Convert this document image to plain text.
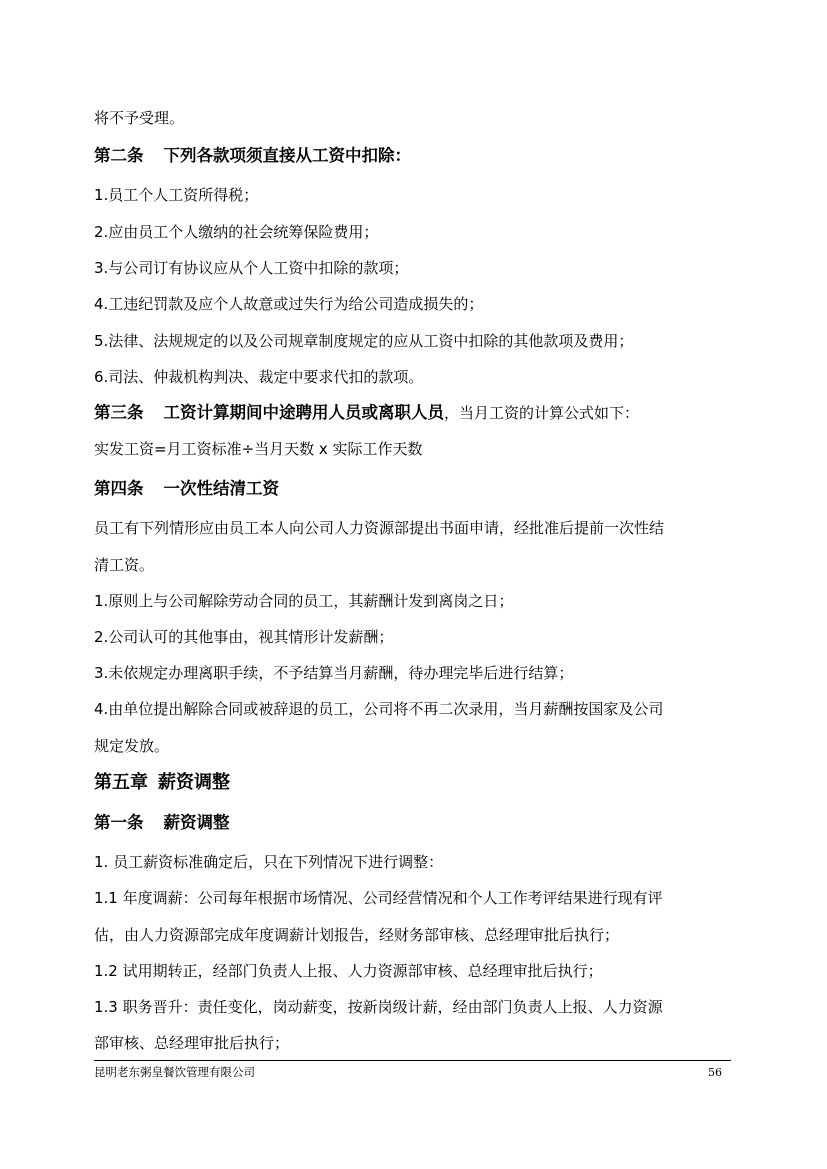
将不予受理。
第二条 下列各款项须直接从工资中扣除：
1.员工个人工资所得税；
2.应由员工个人缴纳的社会统筹保险费用；
3.与公司订有协议应从个人工资中扣除的款项；
4.工违纪罚款及应个人故意或过失行为给公司造成损失的；
5.法律、法规规定的以及公司规章制度规定的应从工资中扣除的其他款项及费用；
6.司法、仲裁机构判决、裁定中要求代扣的款项。
第三条 工资计算期间中途聘用人员或离职人员，当月工资的计算公式如下：
实发工资=月工资标准÷当月天数 x 实际工作天数
第四条 一次性结清工资
员工有下列情形应由员工本人向公司人力资源部提出书面申请，经批准后提前一次性结
清工资。
1.原则上与公司解除劳动合同的员工，其薪酬计发到离岗之日；
2.公司认可的其他事由，视其情形计发薪酬；
3.未依规定办理离职手续，不予结算当月薪酬，待办理完毕后进行结算；
4.由单位提出解除合同或被辞退的员工，公司将不再二次录用，当月薪酬按国家及公司
规定发放。
第五章 薪资调整
第一条 薪资调整
1. 员工薪资标准确定后，只在下列情况下进行调整：
1.1 年度调薪：公司每年根据市场情况、公司经营情况和个人工作考评结果进行现有评
估，由人力资源部完成年度调薪计划报告，经财务部审核、总经理审批后执行；
1.2 试用期转正，经部门负责人上报、人力资源部审核、总经理审批后执行；
1.3 职务晋升：责任变化，岗动薪变，按新岗级计薪，经由部门负责人上报、人力资源
部审核、总经理审批后执行；
昆明老东粥皇餐饮管理有限公司	56
